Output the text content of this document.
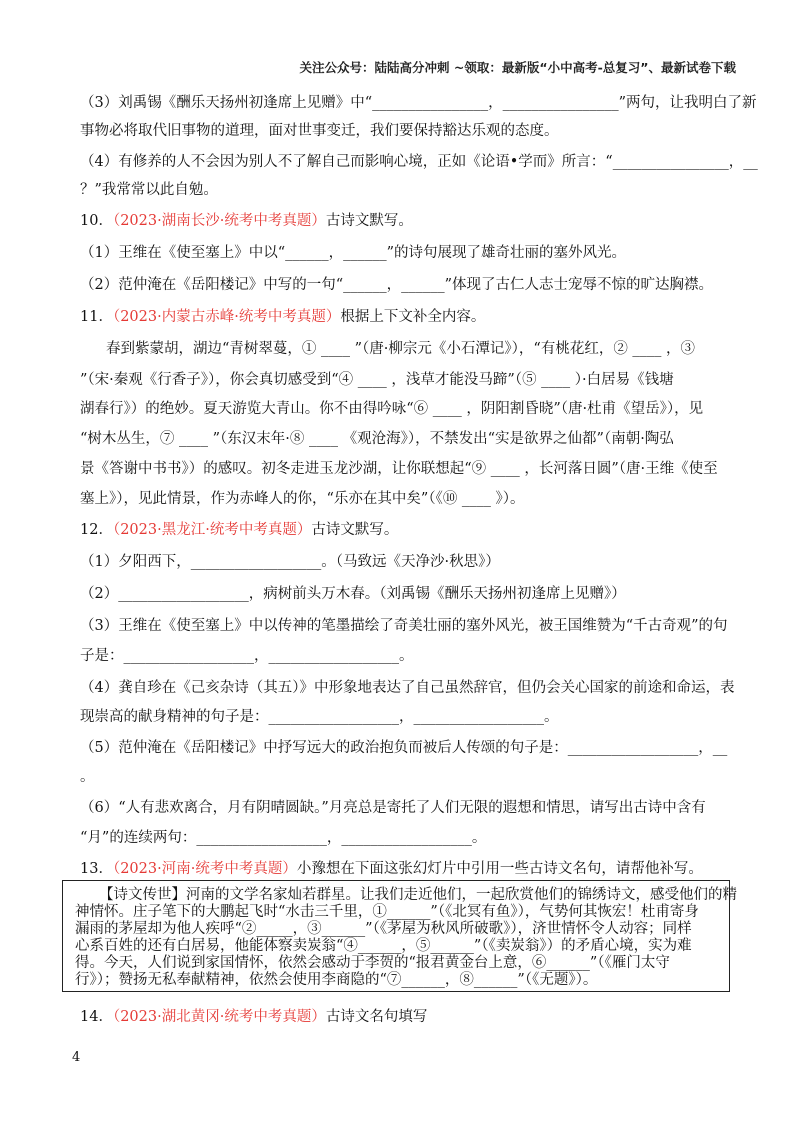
关注公众号：陆陆高分冲刺 ~领取：最新版“小中高考-总复习”、最新试卷下载
（3）刘禹锡《酬乐天扬州初逢席上见赠》中“________________，________________”两句，让我明白了新
事物必将取代旧事物的道理，面对世事变迁，我们要保持豁达乐观的态度。
（4）有修养的人不会因为别人不了解自己而影响心境，正如《论语•学而》所言：“________________，__
？”我常常以此自勉。
10．（2023·湖南长沙·统考中考真题）古诗文默写。
（1）王维在《使至塞上》中以“______，______”的诗句展现了雄奇壮丽的塞外风光。
（2）范仲淹在《岳阳楼记》中写的一句“______，______”体现了古仁人志士宠辱不惊的旷达胸襟。
11．（2023·内蒙古赤峰·统考中考真题）根据上下文补全内容。
春到紫蒙胡，湖边“青树翠蔓，① ____ ”（唐·柳宗元《小石潭记》），“有桃花红，② ____ ，③
”（宋·秦观《行香子》），你会真切感受到“④ ____ ，浅草才能没马蹄”（⑤ ____ ）·白居易《钱塘
湖春行》）的绝妙。夏天游览大青山。你不由得吟咏“⑥ ____ ，阴阳割昏晓”（唐·杜甫《望岳》），见
“树木丛生，⑦ ____ ”（东汉末年·⑧ ____ 《观沧海》），不禁发出“实是欲界之仙都”（南朝·陶弘
景《答谢中书书》）的感叹。初冬走进玉龙沙湖，让你联想起“⑨ ____ ，长河落日圆”（唐·王维《使至
塞上》），见此情景，作为赤峰人的你，“乐亦在其中矣”（《⑩ ____ 》）。
12．（2023·黑龙江·统考中考真题）古诗文默写。
（1）夕阳西下，__________________。（马致远《天净沙·秋思》）
（2）__________________，病树前头万木春。（刘禹锡《酬乐天扬州初逢席上见赠》）
（3）王维在《使至塞上》中以传神的笔墨描绘了奇美壮丽的塞外风光，被王国维赞为“千古奇观”的句
子是：__________________，__________________。
（4）龚自珍在《己亥杂诗（其五）》中形象地表达了自己虽然辞官，但仍会关心国家的前途和命运，表
现崇高的献身精神的句子是：__________________，__________________。
（5）范仲淹在《岳阳楼记》中抒写远大的政治抱负而被后人传颂的句子是：__________________，__
。
（6）“人有悲欢离合，月有阴晴圆缺。”月亮总是寄托了人们无限的遐想和情思，请写出古诗中含有
“月”的连续两句：__________________，__________________。
13．（2023·河南·统考中考真题）小豫想在下面这张幻灯片中引用一些古诗文名句，请帮他补写。
【诗文传世】河南的文学名家灿若群星。让我们走近他们，一起欣赏他们的锦绣诗文，感受他们的精
神情怀。庄子笔下的大鹏起飞时“水击三千里，①______”（《北冥有鱼》），气势何其恢宏！杜甫寄身
漏雨的茅屋却为他人疾呼“②_____，③______”（《茅屋为秋风所破歌》），济世情怀令人动容；同样
心系百姓的还有白居易，他能体察卖炭翁“④______，⑤______”（《卖炭翁》）的矛盾心境，实为难
得。今天，人们说到家国情怀，依然会感动于李贺的“报君黄金台上意，⑥______”（《雁门太守
行》）；赞扬无私奉献精神，依然会使用李商隐的“⑦______，⑧______”（《无题》）。
14．（2023·湖北黄冈·统考中考真题）古诗文名句填写
4
